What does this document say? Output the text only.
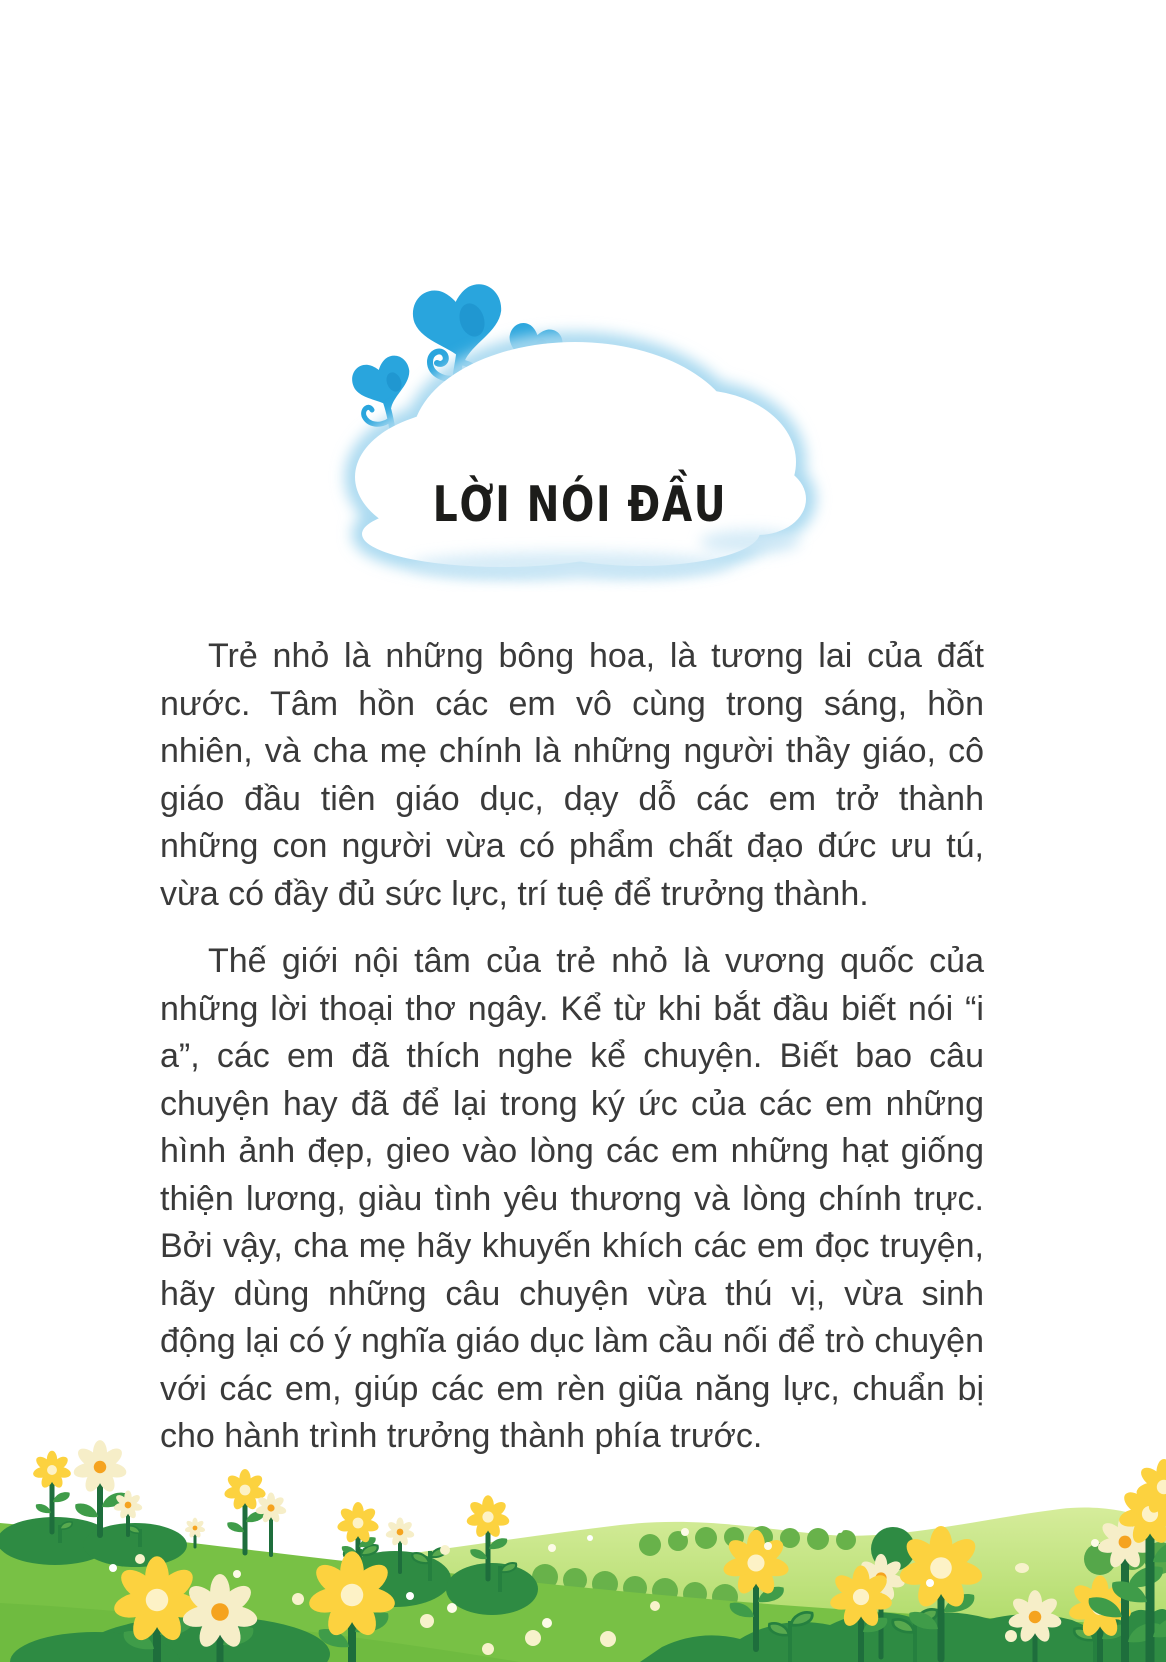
LỜI NÓI ĐẦU

Trẻ nhỏ là những bông hoa, là tương lai của đất nước. Tâm hồn các em vô cùng trong sáng, hồn nhiên, và cha mẹ chính là những người thầy giáo, cô giáo đầu tiên giáo dục, dạy dỗ các em trở thành những con người vừa có phẩm chất đạo đức ưu tú, vừa có đầy đủ sức lực, trí tuệ để trưởng thành.

Thế giới nội tâm của trẻ nhỏ là vương quốc của những lời thoại thơ ngây. Kể từ khi bắt đầu biết nói “i a”, các em đã thích nghe kể chuyện. Biết bao câu chuyện hay đã để lại trong ký ức của các em những hình ảnh đẹp, gieo vào lòng các em những hạt giống thiện lương, giàu tình yêu thương và lòng chính trực. Bởi vậy, cha mẹ hãy khuyến khích các em đọc truyện, hãy dùng những câu chuyện vừa thú vị, vừa sinh động lại có ý nghĩa giáo dục làm cầu nối để trò chuyện với các em, giúp các em rèn giũa năng lực, chuẩn bị cho hành trình trưởng thành phía trước.
